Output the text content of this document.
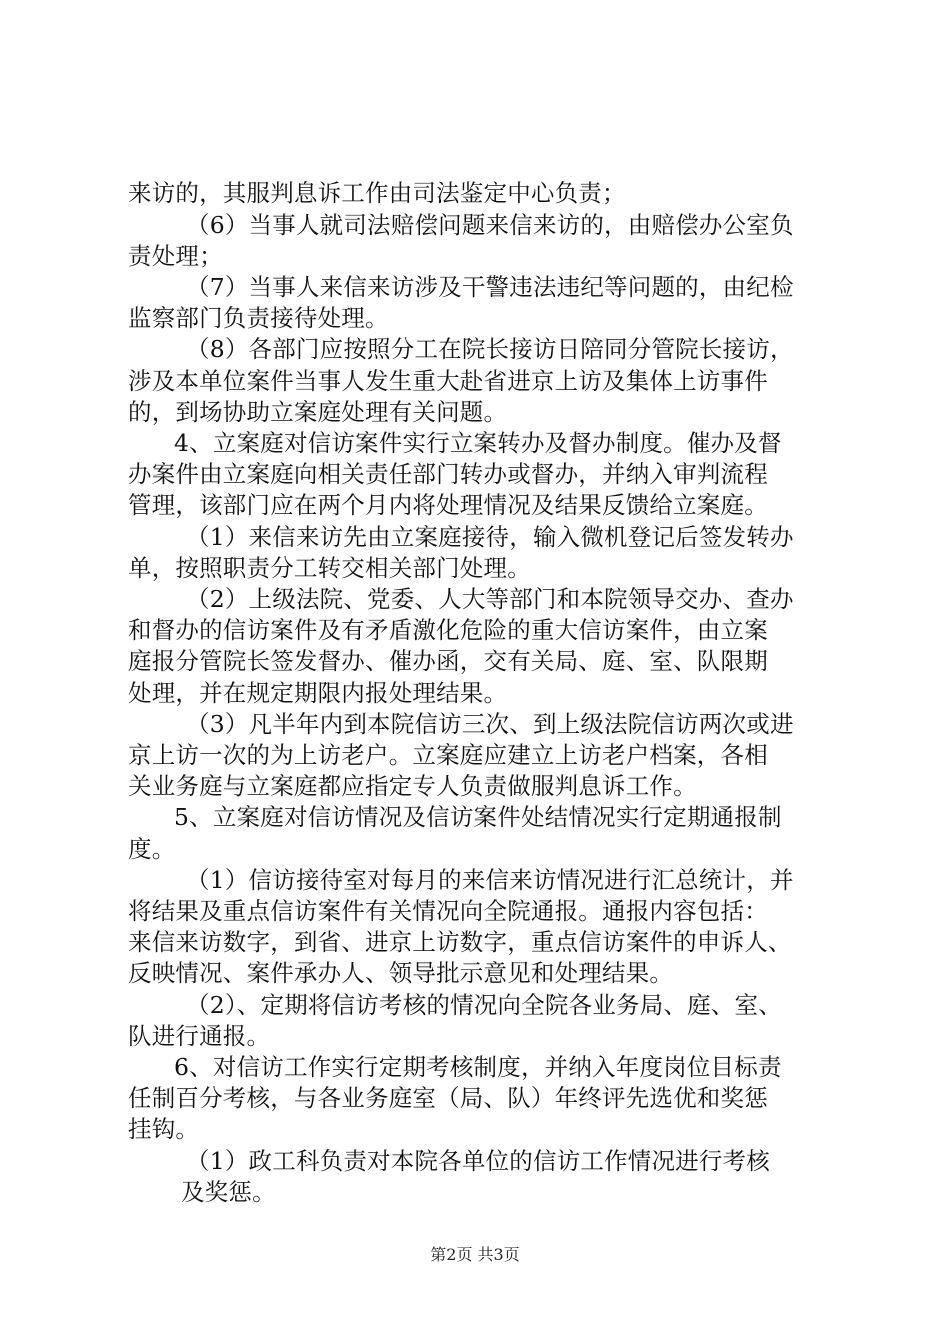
来访的，其服判息诉工作由司法鉴定中心负责；
（6）当事人就司法赔偿问题来信来访的，由赔偿办公室负
责处理；
（7）当事人来信来访涉及干警违法违纪等问题的，由纪检
监察部门负责接待处理。
（8）各部门应按照分工在院长接访日陪同分管院长接访，
涉及本单位案件当事人发生重大赴省进京上访及集体上访事件
的，到场协助立案庭处理有关问题。
4、立案庭对信访案件实行立案转办及督办制度。催办及督
办案件由立案庭向相关责任部门转办或督办，并纳入审判流程
管理，该部门应在两个月内将处理情况及结果反馈给立案庭。
（1）来信来访先由立案庭接待，输入微机登记后签发转办
单，按照职责分工转交相关部门处理。
（2）上级法院、党委、人大等部门和本院领导交办、查办
和督办的信访案件及有矛盾激化危险的重大信访案件，由立案
庭报分管院长签发督办、催办函，交有关局、庭、室、队限期
处理，并在规定期限内报处理结果。
（3）凡半年内到本院信访三次、到上级法院信访两次或进
京上访一次的为上访老户。立案庭应建立上访老户档案，各相
关业务庭与立案庭都应指定专人负责做服判息诉工作。
5、立案庭对信访情况及信访案件处结情况实行定期通报制
度。
（1）信访接待室对每月的来信来访情况进行汇总统计，并
将结果及重点信访案件有关情况向全院通报。通报内容包括：
来信来访数字，到省、进京上访数字，重点信访案件的申诉人、
反映情况、案件承办人、领导批示意见和处理结果。
（2）、定期将信访考核的情况向全院各业务局、庭、室、
队进行通报。
6、对信访工作实行定期考核制度，并纳入年度岗位目标责
任制百分考核，与各业务庭室（局、队）年终评先选优和奖惩
挂钩。
（1）政工科负责对本院各单位的信访工作情况进行考核
及奖惩。
第2页 共3页
